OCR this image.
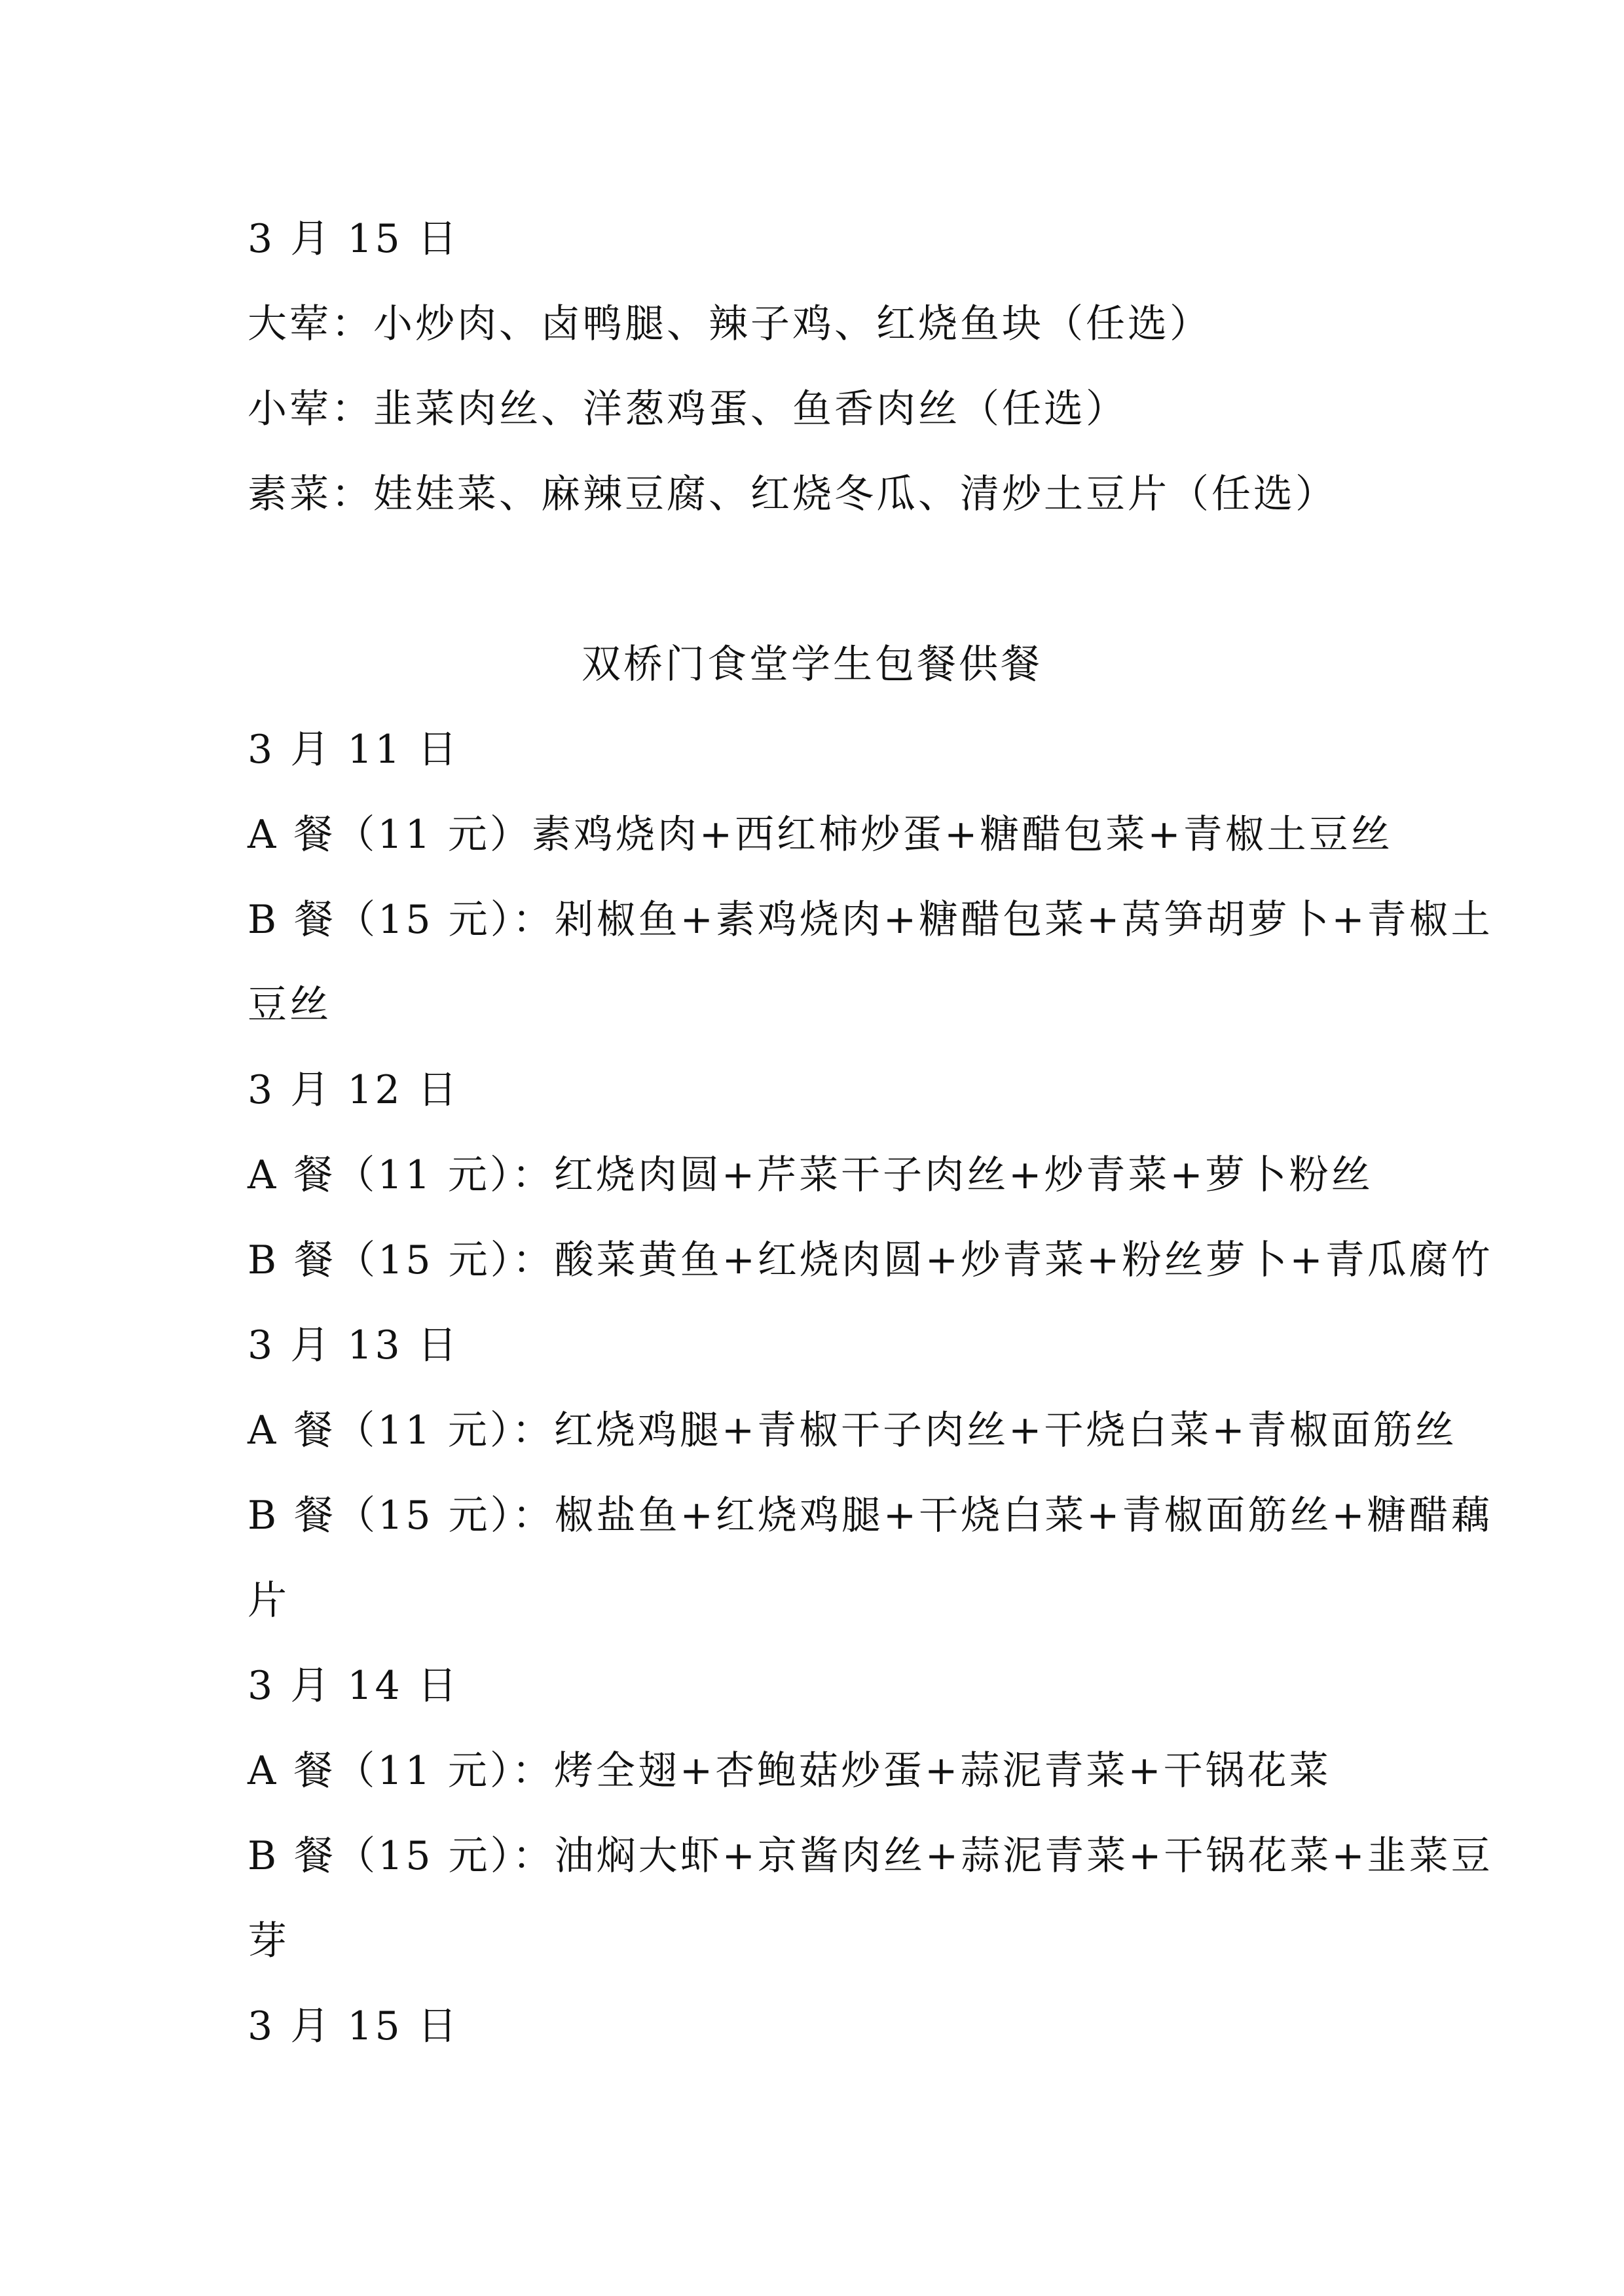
3 月 15 日
大荤：小炒肉、卤鸭腿、辣子鸡、红烧鱼块（任选）
小荤：韭菜肉丝、洋葱鸡蛋、鱼香肉丝（任选）
素菜：娃娃菜、麻辣豆腐、红烧冬瓜、清炒土豆片（任选）
双桥门食堂学生包餐供餐
3 月 11 日
A 餐（11 元）素鸡烧肉+西红柿炒蛋+糖醋包菜+青椒土豆丝
B 餐（15 元）：剁椒鱼+素鸡烧肉+糖醋包菜+莴笋胡萝卜+青椒土
豆丝
3 月 12 日
A 餐（11 元）：红烧肉圆+芹菜干子肉丝+炒青菜+萝卜粉丝
B 餐（15 元）：酸菜黄鱼+红烧肉圆+炒青菜+粉丝萝卜+青瓜腐竹
3 月 13 日
A 餐（11 元）：红烧鸡腿+青椒干子肉丝+干烧白菜+青椒面筋丝
B 餐（15 元）：椒盐鱼+红烧鸡腿+干烧白菜+青椒面筋丝+糖醋藕
片
3 月 14 日
A 餐（11 元）：烤全翅+杏鲍菇炒蛋+蒜泥青菜+干锅花菜
B 餐（15 元）：油焖大虾+京酱肉丝+蒜泥青菜+干锅花菜+韭菜豆
芽
3 月 15 日
